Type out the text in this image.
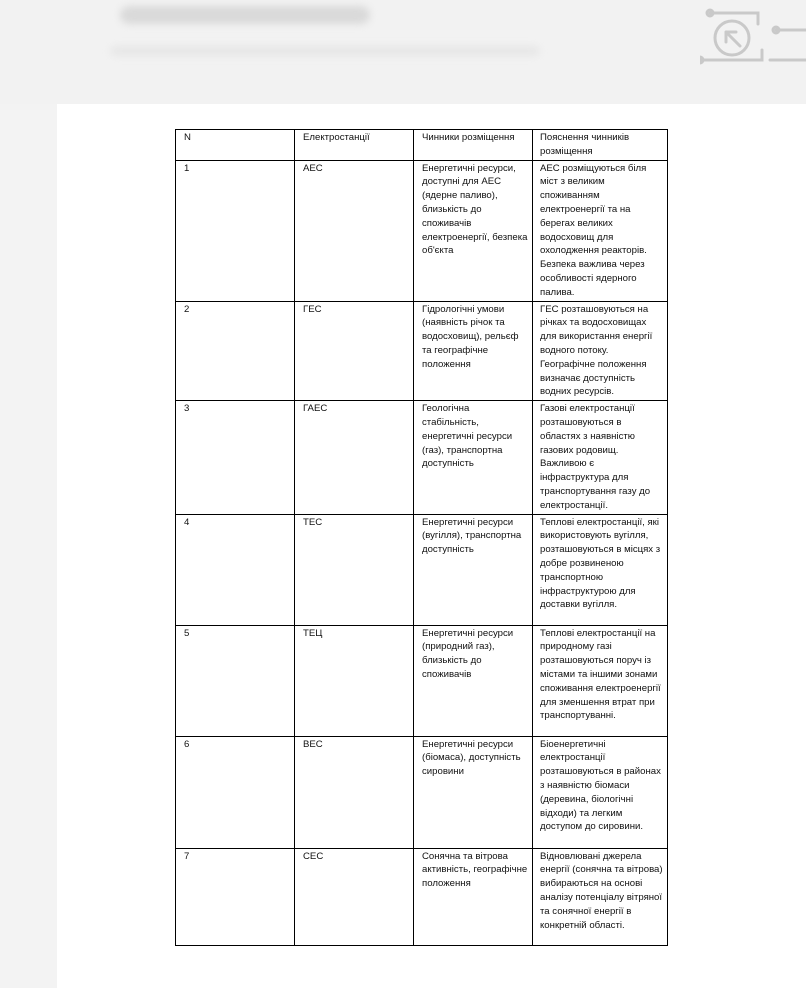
N	Електростанції	Чинники розміщення	Пояснення чинників розміщення
1	АЕС	Енергетичні ресурси, доступні для АЕС (ядерне паливо), близькість до споживачів електроенергії, безпека об'єкта	АЕС розміщуються біля міст з великим споживанням електроенергії та на берегах великих водосховищ для охолодження реакторів. Безпека важлива через особливості ядерного палива.
2	ГЕС	Гідрологічні умови (наявність річок та водосховищ), рельєф та географічне положення	ГЕС розташовуються на річках та водосховищах для використання енергії водного потоку. Географічне положення визначає доступність водних ресурсів.
3	ГАЕС	Геологічна стабільність, енергетичні ресурси (газ), транспортна доступність	Газові електростанції розташовуються в областях з наявністю газових родовищ. Важливою є інфраструктура для транспортування газу до електростанції.
4	ТЕС	Енергетичні ресурси (вугілля), транспортна доступність	Теплові електростанції, які використовують вугілля, розташовуються в місцях з добре розвиненою транспортною інфраструктурою для доставки вугілля.
5	ТЕЦ	Енергетичні ресурси (природний газ), близькість до споживачів	Теплові електростанції на природному газі розташовуються поруч із містами та іншими зонами споживання електроенергії для зменшення втрат при транспортуванні.
6	ВЕС	Енергетичні ресурси (біомаса), доступність сировини	Біоенергетичні електростанції розташовуються в районах з наявністю біомаси (деревина, біологічні відходи) та легким доступом до сировини.
7	СЕС	Сонячна та вітрова активність, географічне положення	Відновлювані джерела енергії (сонячна та вітрова) вибираються на основі аналізу потенціалу вітряної та сонячної енергії в конкретній області.
